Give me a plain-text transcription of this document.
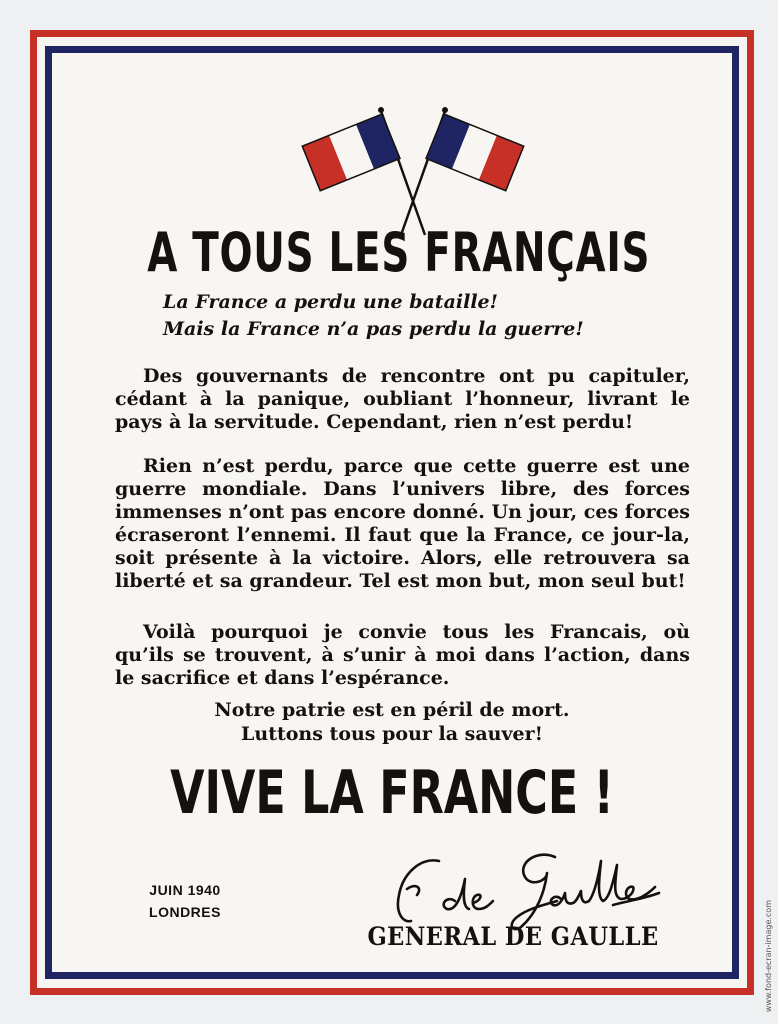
A TOUS LES FRANÇAIS
La France a perdu une bataille!
Mais la France n’a pas perdu la guerre!

Des gouvernants de rencontre ont pu capituler, cédant à la panique, oubliant l’honneur, livrant le pays à la servitude. Cependant, rien n’est perdu!

Rien n’est perdu, parce que cette guerre est une guerre mondiale. Dans l’univers libre, des forces immenses n’ont pas encore donné. Un jour, ces forces écraseront l’ennemi. Il faut que la France, ce jour-la, soit présente à la victoire. Alors, elle retrouvera sa liberté et sa grandeur. Tel est mon but, mon seul but!

Voilà pourquoi je convie tous les Francais, où qu’ils se trouvent, à s’unir à moi dans l’action, dans le sacrifice et dans l’espérance.

Notre patrie est en péril de mort.
Luttons tous pour la sauver!
VIVE LA FRANCE !
JUIN 1940
LONDRES
GENERAL DE GAULLE	www.fond-ecran-image.com
